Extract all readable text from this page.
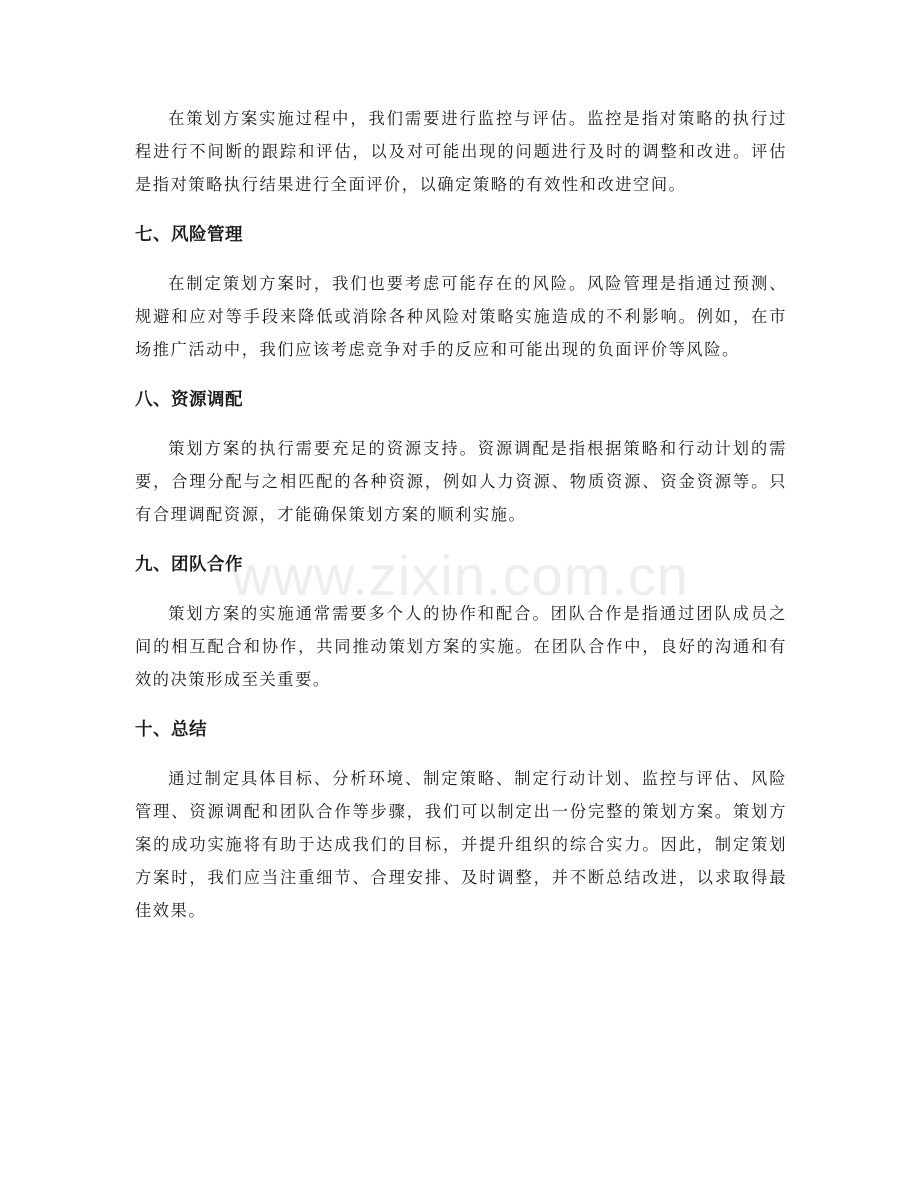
在策划方案实施过程中，我们需要进行监控与评估。监控是指对策略的执行过程进行不间断的跟踪和评估，以及对可能出现的问题进行及时的调整和改进。评估是指对策略执行结果进行全面评价，以确定策略的有效性和改进空间。

七、风险管理

在制定策划方案时，我们也要考虑可能存在的风险。风险管理是指通过预测、规避和应对等手段来降低或消除各种风险对策略实施造成的不利影响。例如，在市场推广活动中，我们应该考虑竞争对手的反应和可能出现的负面评价等风险。

八、资源调配

策划方案的执行需要充足的资源支持。资源调配是指根据策略和行动计划的需要，合理分配与之相匹配的各种资源，例如人力资源、物质资源、资金资源等。只有合理调配资源，才能确保策划方案的顺利实施。

九、团队合作

策划方案的实施通常需要多个人的协作和配合。团队合作是指通过团队成员之间的相互配合和协作，共同推动策划方案的实施。在团队合作中，良好的沟通和有效的决策形成至关重要。

十、总结

通过制定具体目标、分析环境、制定策略、制定行动计划、监控与评估、风险管理、资源调配和团队合作等步骤，我们可以制定出一份完整的策划方案。策划方案的成功实施将有助于达成我们的目标，并提升组织的综合实力。因此，制定策划方案时，我们应当注重细节、合理安排、及时调整，并不断总结改进，以求取得最佳效果。

www.zixin.com.cn
